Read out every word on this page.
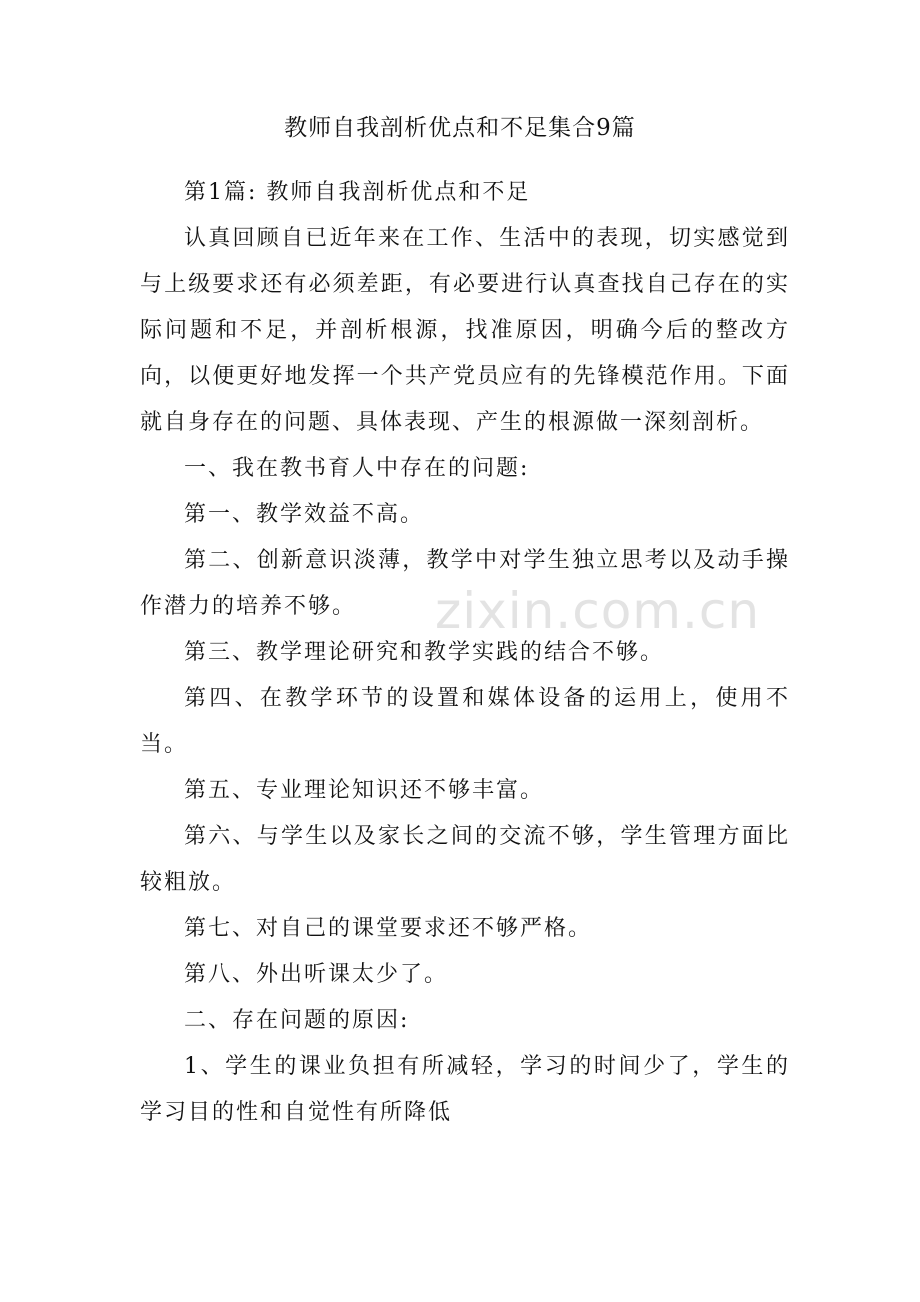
zixin.com.cn
教师自我剖析优点和不足集合9篇

第1篇: 教师自我剖析优点和不足

认真回顾自已近年来在工作、生活中的表现，切实感觉到与上级要求还有必须差距，有必要进行认真查找自己存在的实际问题和不足，并剖析根源，找准原因，明确今后的整改方向，以便更好地发挥一个共产党员应有的先锋模范作用。下面就自身存在的问题、具体表现、产生的根源做一深刻剖析。

一、我在教书育人中存在的问题:

第一、教学效益不高。

第二、创新意识淡薄，教学中对学生独立思考以及动手操作潜力的培养不够。

第三、教学理论研究和教学实践的结合不够。

第四、在教学环节的设置和媒体设备的运用上，使用不当。

第五、专业理论知识还不够丰富。

第六、与学生以及家长之间的交流不够，学生管理方面比较粗放。

第七、对自己的课堂要求还不够严格。

第八、外出听课太少了。

二、存在问题的原因:

1、学生的课业负担有所减轻，学习的时间少了，学生的学习目的性和自觉性有所降低
